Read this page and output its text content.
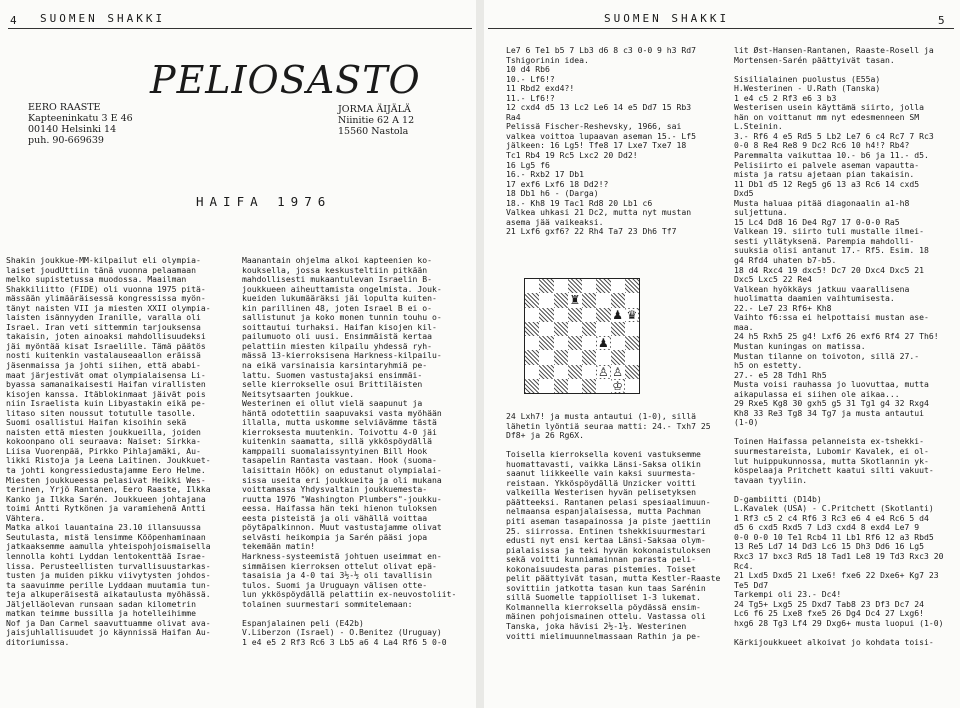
4 SUOMEN SHAKKI
EERO RAASTE
Kapteeninkatu 3 E 46
00140 Helsinki 14
puh. 90-669639
PELIOSASTO
JORMA ÄIJÄLÄ
Niinitie 62 A 12
15560 Nastola
HAIFA 1976
Shakin joukkue-MM-kilpailut eli olympia-
laiset joudUttiin tänä vuonna pelaamaan
melko supistetussa muodossa. Maailman
Shakkiliitto (FIDE) oli vuonna 1975 pitä-
mässään ylimääräisessä kongressissa myön-
tänyt naisten VII ja miesten XXII olympia-
laisten isännyyden Iranille, varalla oli
Israel. Iran veti sittemmin tarjouksensa
takaisin, joten ainoaksi mahdollisuudeksi
jäi myöntää kisat Israelille. Tämä päätös
nosti kuitenkin vastalauseaallon eräissä
jäsenmaissa ja johti siihen, että ababi-
maat järjestivät omat olympialaisensa Li-
byassa samanaikaisesti Haifan virallisten
kisojen kanssa. Itäblokinmaat jäivät pois
niin Israelista kuin Libyastakin eikä pe-
litaso siten noussut totutulle tasolle.
Suomi osallistui Haifan kisoihin sekä
naisten että miesten joukkueilla, joiden
kokoonpano oli seuraava: Naiset: Sirkka-
Liisa Vuorenpää, Pirkko Pihlajamäki, Au-
likki Ristoja ja Leena Laitinen. Joukkuet-
ta johti kongressiedustajamme Eero Helme.
Miesten joukkueessa pelasivat Heikki Wes-
terinen, Yrjö Rantanen, Eero Raaste, Ilkka
Kanko ja Ilkka Sarén. Joukkueen johtajana
toimi Antti Rytkönen ja varamiehenä Antti
Vähtera.
Matka alkoi lauantaina 23.10 illansuussa
Seutulasta, mistä lensimme Kööpenhaminaan
jatkaaksemme aamulla yhteispohjoismaisella
lennolla kohti Lyddan lentokenttää Israe-
lissa. Perusteellisten turvallisuustarkas-
tusten ja muiden pikku viivytysten johdos-
ta saavuimme perille Lyddaan muutamia tun-
teja alkuperäisestä aikataulusta myöhässä.
Jäljelläolevan runsaan sadan kilometrin
matkan teimme bussilla ja hotelleihimme
Nof ja Dan Carmel saavuttuamme olivat ava-
jaisjuhlallisuudet jo käynnissä Haifan Au-
ditoriumissa.
Maanantain ohjelma alkoi kapteenien ko-
kouksella, jossa keskusteltiin pitkään
mahdollisesti mukaantulevan Israelin B-
joukkueen aiheuttamista ongelmista. Jouk-
kueiden lukumääräksi jäi lopulta kuiten-
kin parillinen 48, joten Israel B ei o-
sallistunut ja koko monen tunnin touhu o-
soittautui turhaksi. Haifan kisojen kil-
pailumuoto oli uusi. Ensimmäistä kertaa
pelattiin miesten kilpailu yhdessä ryh-
mässä 13-kierroksisena Harkness-kilpailu-
na eikä varsinaisia karsintaryhmiä pe-
lattu. Suomen vastustajaksi ensimmäi-
selle kierrokselle osui Brittiläisten
Neitsytsaarten joukkue.
Westerinen ei ollut vielä saapunut ja
häntä odotettiin saapuvaksi vasta myöhään
illalla, mutta uskomme selviävämme tästä
kierroksesta muutenkin. Toivottu 4-0 jäi
kuitenkin saamatta, sillä ykköspöydällä
kamppaili suomalaissyntyinen Bill Hook
tasapelin Rantasta vastaan. Hook (suoma-
laisittain Höök) on edustanut olympialai-
sissa useita eri joukkueita ja oli mukana
voittamassa Yhdysvaltain joukkuemesta-
ruutta 1976 "Washington Plumbers"-joukku-
eessa. Haifassa hän teki hienon tuloksen
eesta pisteistä ja oli vähällä voittaa
pöytäpalkinnon. Muut vastustajamme olivat
selvästi heikompia ja Sarén pääsi jopa
tekemään matin!
Harkness-systeemistä johtuen useimmat en-
simmäisen kierroksen ottelut olivat epä-
tasaisia ja 4-0 tai 3½-½ oli tavallisin
tulos. Suomi ja Uruguayn välisen otte-
lun ykköspöydällä pelattiin ex-neuvostoliit-
tolainen suurmestari sommitelemaan:
Espanjalainen peli (E42b)
V.Liberzon (Israel) - O.Benitez (Uruguay)
1 e4 e5 2 Rf3 Rc6 3 Lb5 a6 4 La4 Rf6 5 0-0
SUOMEN SHAKKI	5
Le7 6 Te1 b5 7 Lb3 d6 8 c3 0-0 9 h3 Rd7
Tshigorinin idea.
10 d4 Rb6
10.- Lf6!?
11 Rbd2 exd4?!
11.- Lf6!?
12 cxd4 d5 13 Lc2 Le6 14 e5 Dd7 15 Rb3
Ra4
Pelissä Fischer-Reshevsky, 1966, sai
valkea voittoa lupaavan aseman 15.- Lf5
jälkeen: 16 Lg5! Tfe8 17 Lxe7 Txe7 18
Tc1 Rb4 19 Rc5 Lxc2 20 Dd2!
16 Lg5 f6
16.- Rxb2 17 Db1
17 exf6 Lxf6 18 Dd2!?
18 Db1 h6 - (Darga)
18.- Kh8 19 Tac1 Rd8 20 Lb1 c6
Valkea uhkasi 21 Dc2, mutta nyt mustan
asema jää vaikeaksi.
21 Lxf6 gxf6? 22 Rh4 Ta7 23 Dh6 Tf7
24 Lxh7! ja musta antautui (1-0), sillä
lähetin lyöntiä seuraa matti: 24.- Txh7 25
Df8+ ja 26 Rg6X.
Toisella kierroksella koveni vastuksemme
huomattavasti, vaikka Länsi-Saksa olikin
saanut liikkeelle vain kaksi suurmesta-
reistaan. Ykköspöydällä Unzicker voitti
valkeilla Westerisen hyvän pelisetyksen
päätteeksi. Rantanen pelasi spesiaalimuun-
nelmaansa espanjalaisessa, mutta Pachman
piti aseman tasapainossa ja piste jaettiin
25. siirrossa. Entinen tshekkisuurmestari
edusti nyt ensi kertaa Länsi-Saksaa olym-
pialaisissa ja teki hyvän kokonaistuloksen
sekä voitti kunniamainnan parasta peli-
kokonaisuudesta paras pistemies. Toiset
pelit päättyivät tasan, mutta Kestler-Raaste
sovittiin jatkotta tasan kun taas Sarénin
sillä Suomelle tappiolliset 1-3 lukemat.
Kolmannella kierroksella pöydässä ensim-
mäinen pohjoismainen ottelu. Vastassa oli
Tanska, joka hävisi 2½-1½. Westerinen
voitti mielimuunnelmassaan Rathin ja pe-
lit Øst-Hansen-Rantanen, Raaste-Rosell ja
Mortensen-Sarén päättyivät tasan.
Sisilialainen puolustus (E55a)
H.Westerinen - U.Rath (Tanska)
1 e4 c5 2 Rf3 e6 3 b3
Westerisen usein käyttämä siirto, jolla
hän on voittanut mm nyt edesmenneen SM
L.Steinin.
3.- Rf6 4 e5 Rd5 5 Lb2 Le7 6 c4 Rc7 7 Rc3
0-0 8 Re4 Re8 9 Dc2 Rc6 10 h4!? Rb4?
Paremmalta vaikuttaa 10.- b6 ja 11.- d5.
Pelisiirto ei palvele aseman vapautta-
mista ja ratsu ajetaan pian takaisin.
11 Db1 d5 12 Reg5 g6 13 a3 Rc6 14 cxd5
Dxd5
Musta haluaa pitää diagonaalin a1-h8
suljettuna.
15 Lc4 Dd8 16 De4 Rg7 17 0-0-0 Ra5
Valkean 19. siirto tuli mustalle ilmei-
sesti yllätyksenä. Parempia mahdolli-
suuksia olisi antanut 17.- Rf5. Esim. 18
g4 Rfd4 uhaten b7-b5.
18 d4 Rxc4 19 dxc5! Dc7 20 Dxc4 Dxc5 21
Dxc5 Lxc5 22 Re4
Valkean hyökkäys jatkuu vaarallisena
huolimatta daamien vaihtumisesta.
22.- Le7 23 Rf6+ Kh8
Vaihto f6:ssa ei helpottaisi mustan ase-
maa.
24 h5 Rxh5 25 g4! Lxf6 26 exf6 Rf4 27 Th6!
Mustan kuningas on matissa.
Mustan tilanne on toivoton, sillä 27.-
h5 on estetty.
27.- e5 28 Tdh1 Rh5
Musta voisi rauhassa jo luovuttaa, mutta
aikapulassa ei siihen ole aikaa...
29 Rxe5 Kg8 30 gxh5 g5 31 Tg1 g4 32 Rxg4
Kh8 33 Re3 Tg8 34 Tg7 ja musta antautui
(1-0)
Toinen Haifassa pelanneista ex-tshekki-
suurmestareista, Lubomir Kavalek, ei ol-
lut huippukunnossa, mutta Skotlannin yk-
köspelaaja Pritchett kaatui silti vakuut-
tavaan tyyliin.
D-gambiitti (D14b)
L.Kavalek (USA) - C.Pritchett (Skotlanti)
1 Rf3 c5 2 c4 Rf6 3 Rc3 e6 4 e4 Rc6 5 d4
d5 6 cxd5 Rxd5 7 Ld3 cxd4 8 exd4 Le7 9
0-0 0-0 10 Te1 Rcb4 11 Lb1 Rf6 12 a3 Rbd5
13 Re5 Ld7 14 Dd3 Lc6 15 Dh3 Dd6 16 Lg5
Rxc3 17 bxc3 Rd5 18 Tad1 Le8 19 Td3 Rxc3 20
Rc4.
21 Lxd5 Dxd5 21 Lxe6! fxe6 22 Dxe6+ Kg7 23
Te5 Dd7
Tarkempi oli 23.- Dc4!
24 Tg5+ Lxg5 25 Dxd7 Tab8 23 Df3 Dc7 24
Lc6 f6 25 Lxe8 fxe5 26 Dg4 Dc4 27 Lxg6!
hxg6 28 Tg3 Lf4 29 Dxg6+ musta luopui (1-0)
Kärkijoukkueet alkoivat jo kohdata toisi-
♜
♟ ♛
♟
♙ ♙
♔
